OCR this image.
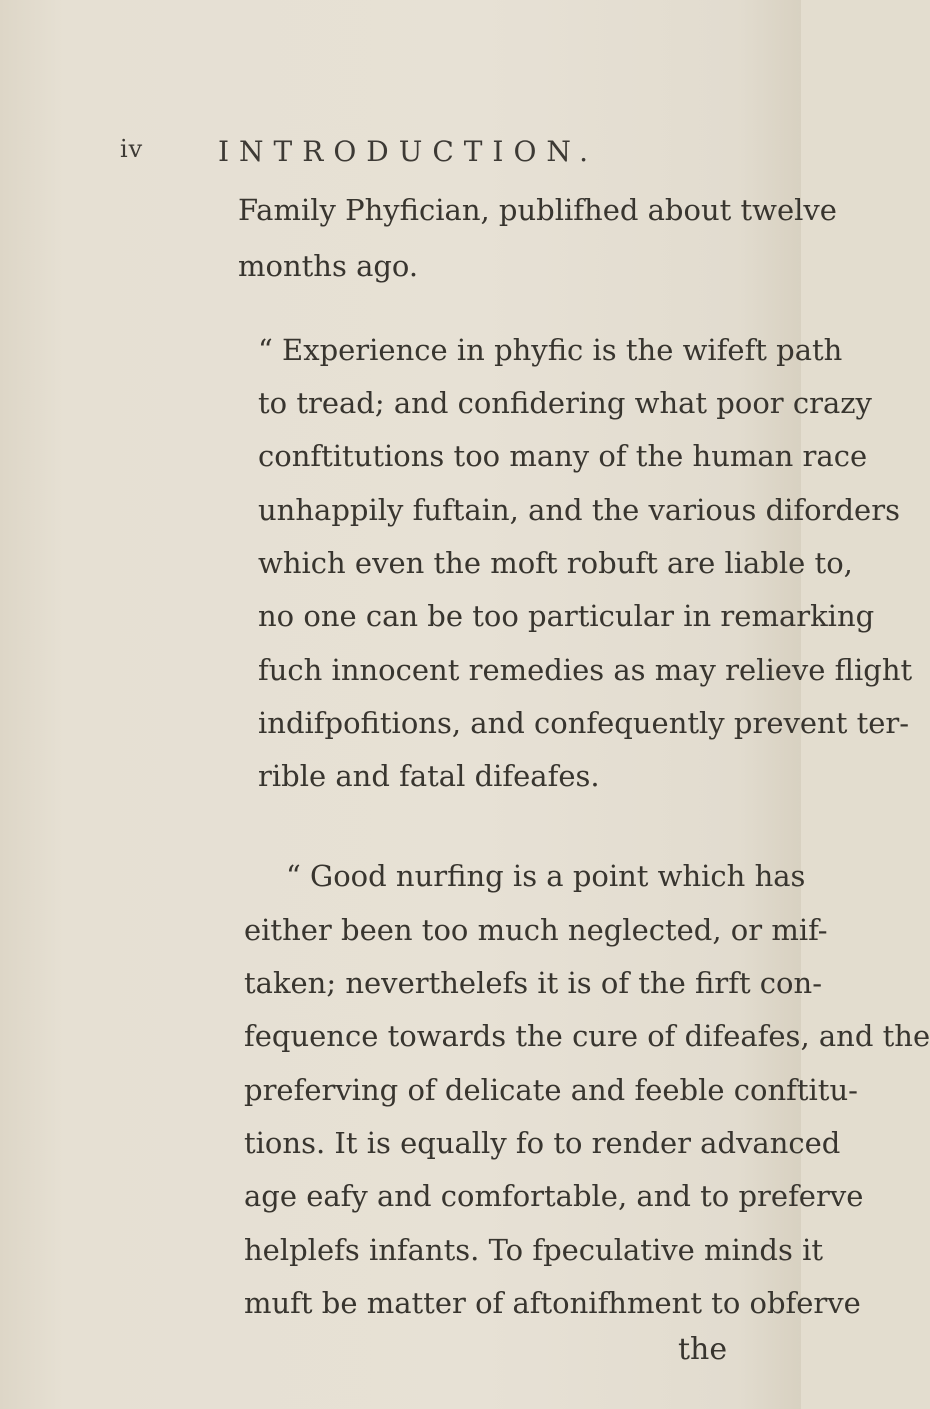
iv	INTRODUCTION.
Family Phyfician, publifhed about twelve
months ago.
“ Experience in phyfic is the wifeft path
to tread; and confidering what poor crazy
conftitutions too many of the human race
unhappily fuftain, and the various diforders
which even the moft robuft are liable to,
no one can be too particular in remarking
fuch innocent remedies as may relieve flight
indifpofitions, and confequently prevent ter-
rible and fatal difeafes.
“ Good nurfing is a point which has
either been too much neglected, or mif-
taken; neverthelefs it is of the firft con-
fequence towards the cure of difeafes, and the
preferving of delicate and feeble conftitu-
tions. It is equally fo to render advanced
age eafy and comfortable, and to preferve
helplefs infants. To fpeculative minds it
muft be matter of aftonifhment to obferve
the
